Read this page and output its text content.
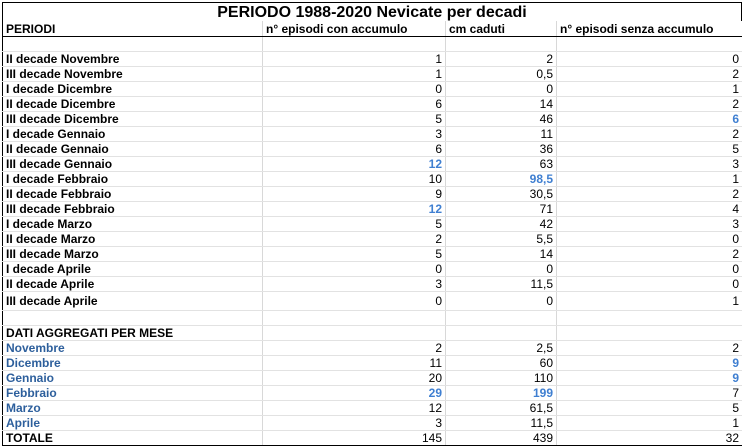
PERIODO 1988-2020 Nevicate per decadi
PERIODI	n° episodi con accumulo	cm caduti	n° episodi senza accumulo

II decade Novembre	1	2	0
III decade Novembre	1	0,5	2
I decade Dicembre	0	0	1
II decade Dicembre	6	14	2
III decade Dicembre	5	46	6
I decade Gennaio	3	11	2
II decade Gennaio	6	36	5
III decade Gennaio	12	63	3
I decade Febbraio	10	98,5	1
II decade Febbraio	9	30,5	2
III decade Febbraio	12	71	4
I decade Marzo	5	42	3
II decade Marzo	2	5,5	0
III decade Marzo	5	14	2
I decade Aprile	0	0	0
II decade Aprile	3	11,5	0
III decade Aprile	0	0	1

DATI AGGREGATI PER MESE			
Novembre	2	2,5	2
Dicembre	11	60	9
Gennaio	20	110	9
Febbraio	29	199	7
Marzo	12	61,5	5
Aprile	3	11,5	1
TOTALE	145	439	32
